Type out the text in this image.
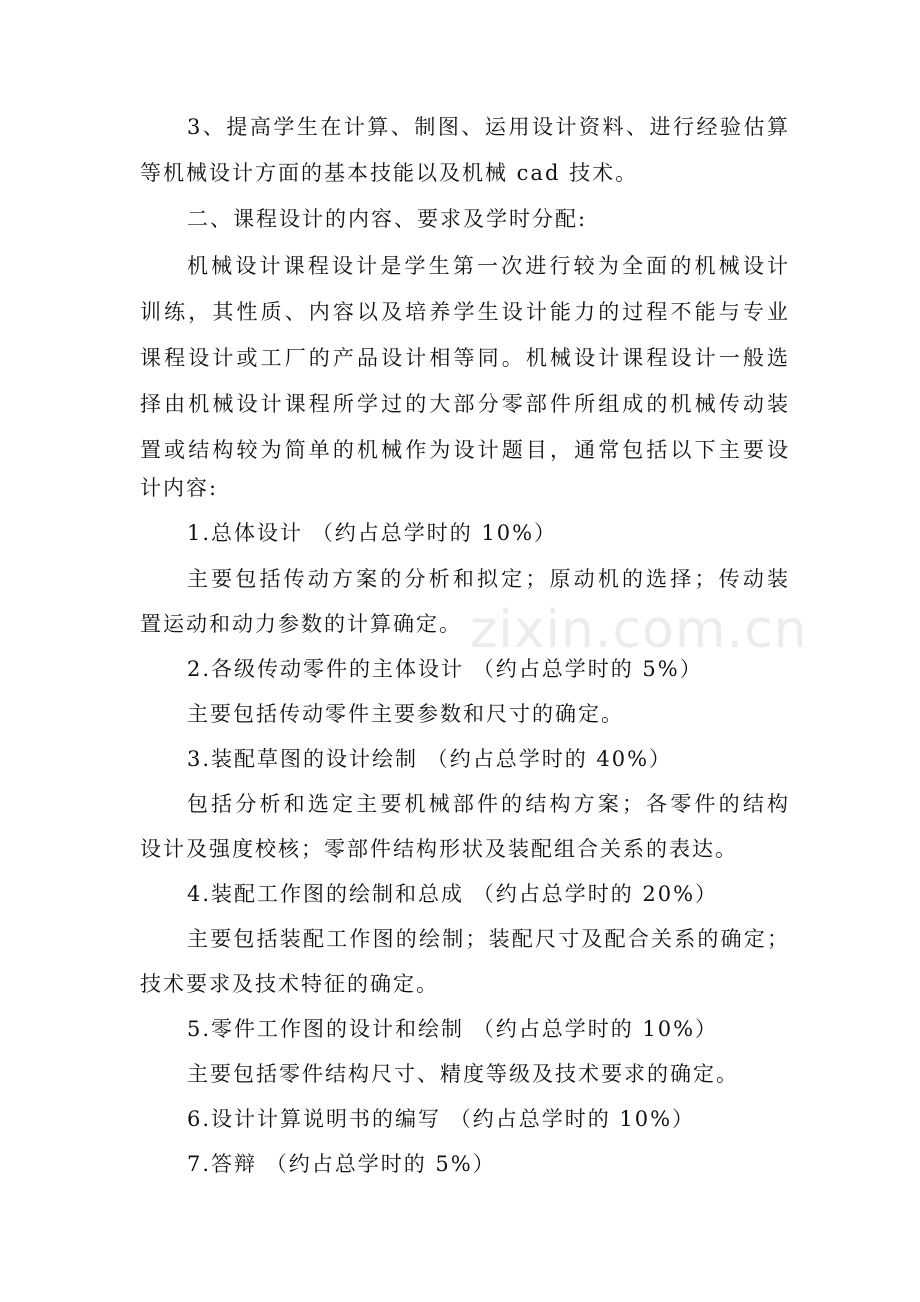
3、提高学生在计算、制图、运用设计资料、进行经验估算
等机械设计方面的基本技能以及机械 cad 技术。
二、课程设计的内容、要求及学时分配:
机械设计课程设计是学生第一次进行较为全面的机械设计
训练，其性质、内容以及培养学生设计能力的过程不能与专业
课程设计或工厂的产品设计相等同。机械设计课程设计一般选
择由机械设计课程所学过的大部分零部件所组成的机械传动装
置或结构较为简单的机械作为设计题目，通常包括以下主要设
计内容:
1.总体设计 （约占总学时的 10%）
主要包括传动方案的分析和拟定；原动机的选择；传动装
置运动和动力参数的计算确定。
2.各级传动零件的主体设计 （约占总学时的 5%）
主要包括传动零件主要参数和尺寸的确定。
3.装配草图的设计绘制 （约占总学时的 40%）
包括分析和选定主要机械部件的结构方案；各零件的结构
设计及强度校核；零部件结构形状及装配组合关系的表达。
4.装配工作图的绘制和总成 （约占总学时的 20%）
主要包括装配工作图的绘制；装配尺寸及配合关系的确定；
技术要求及技术特征的确定。
5.零件工作图的设计和绘制 （约占总学时的 10%）
主要包括零件结构尺寸、精度等级及技术要求的确定。
6.设计计算说明书的编写 （约占总学时的 10%）
7.答辩 （约占总学时的 5%）
zixin.com.cn
